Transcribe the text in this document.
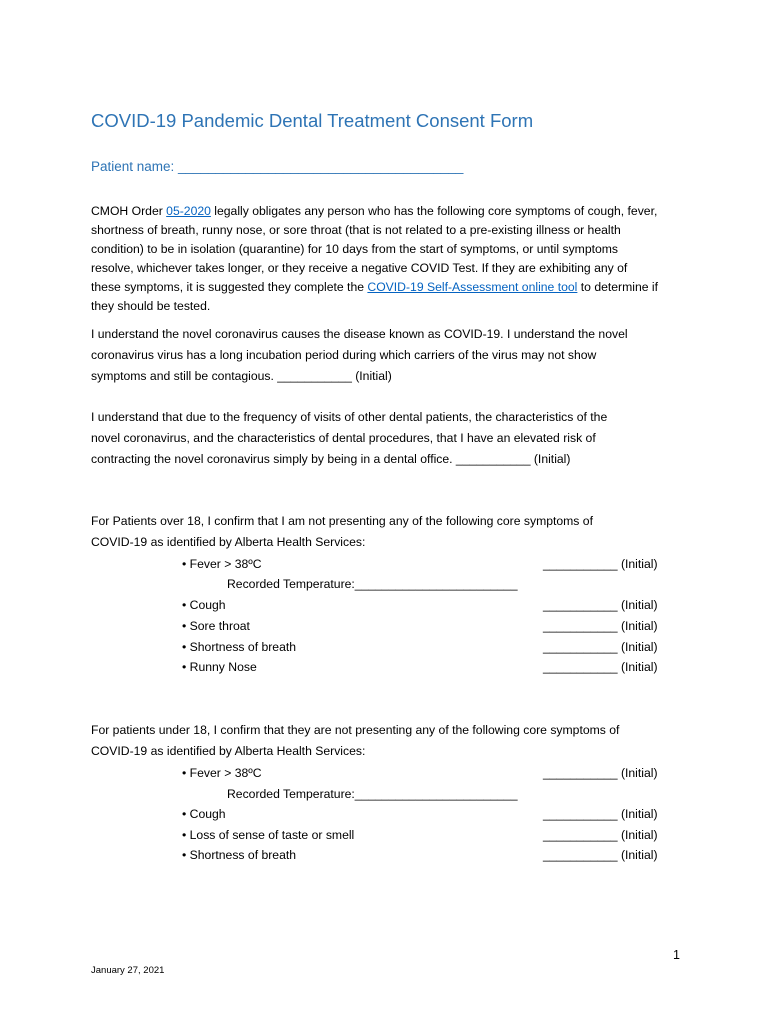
COVID-19 Pandemic Dental Treatment Consent Form
Patient name: ______________________________________
CMOH Order 05-2020 legally obligates any person who has the following core symptoms of cough, fever,
shortness of breath, runny nose, or sore throat (that is not related to a pre-existing illness or health
condition) to be in isolation (quarantine) for 10 days from the start of symptoms, or until symptoms
resolve, whichever takes longer, or they receive a negative COVID Test. If they are exhibiting any of
these symptoms, it is suggested they complete the COVID-19 Self-Assessment online tool to determine if
they should be tested.
I understand the novel coronavirus causes the disease known as COVID-19. I understand the novel
coronavirus virus has a long incubation period during which carriers of the virus may not show
symptoms and still be contagious. ___________ (Initial)
I understand that due to the frequency of visits of other dental patients, the characteristics of the
novel coronavirus, and the characteristics of dental procedures, that I have an elevated risk of
contracting the novel coronavirus simply by being in a dental office. ___________ (Initial)
For Patients over 18, I confirm that I am not presenting any of the following core symptoms of
COVID-19 as identified by Alberta Health Services:
• Fever > 38ºC	___________ (Initial)
Recorded Temperature:________________________
• Cough	___________ (Initial)
• Sore throat	___________ (Initial)
• Shortness of breath	___________ (Initial)
• Runny Nose	___________ (Initial)
For patients under 18, I confirm that they are not presenting any of the following core symptoms of
COVID-19 as identified by Alberta Health Services:
• Fever > 38ºC	___________ (Initial)
Recorded Temperature:________________________
• Cough	___________ (Initial)
• Loss of sense of taste or smell	___________ (Initial)
• Shortness of breath	___________ (Initial)
1
January 27, 2021
